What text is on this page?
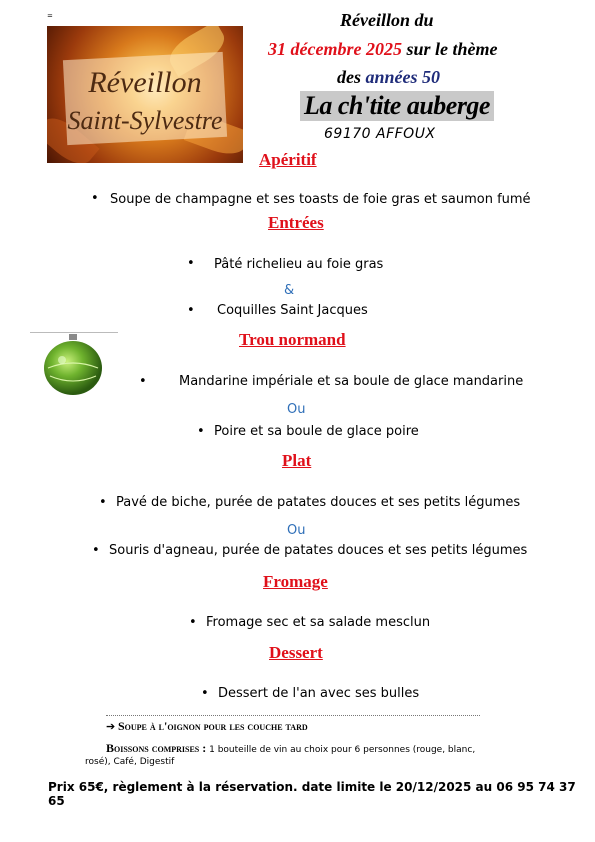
=
Réveillon
Saint-Sylvestre
Réveillon du
31 décembre 2025 sur le thème
des années 50
La ch'tite auberge
69170 AFFOUX
Apéritif
• Soupe de champagne et ses toasts de foie gras et saumon fumé
Entrées
• Pâté richelieu au foie gras
&
• Coquilles Saint Jacques
Trou normand
• Mandarine impériale et sa boule de glace mandarine
Ou
• Poire et sa boule de glace poire
Plat
• Pavé de biche, purée de patates douces et ses petits légumes
Ou
• Souris d'agneau, purée de patates douces et ses petits légumes
Fromage
• Fromage sec et sa salade mesclun
Dessert
• Dessert de l'an avec ses bulles
➔ Soupe à l'oignon pour les couche tard
Boissons comprises : 1 bouteille de vin au choix pour 6 personnes (rouge, blanc,
rosé), Café, Digestif
Prix 65€, règlement à la réservation. date limite le 20/12/2025 au 06 95 74 37 65
